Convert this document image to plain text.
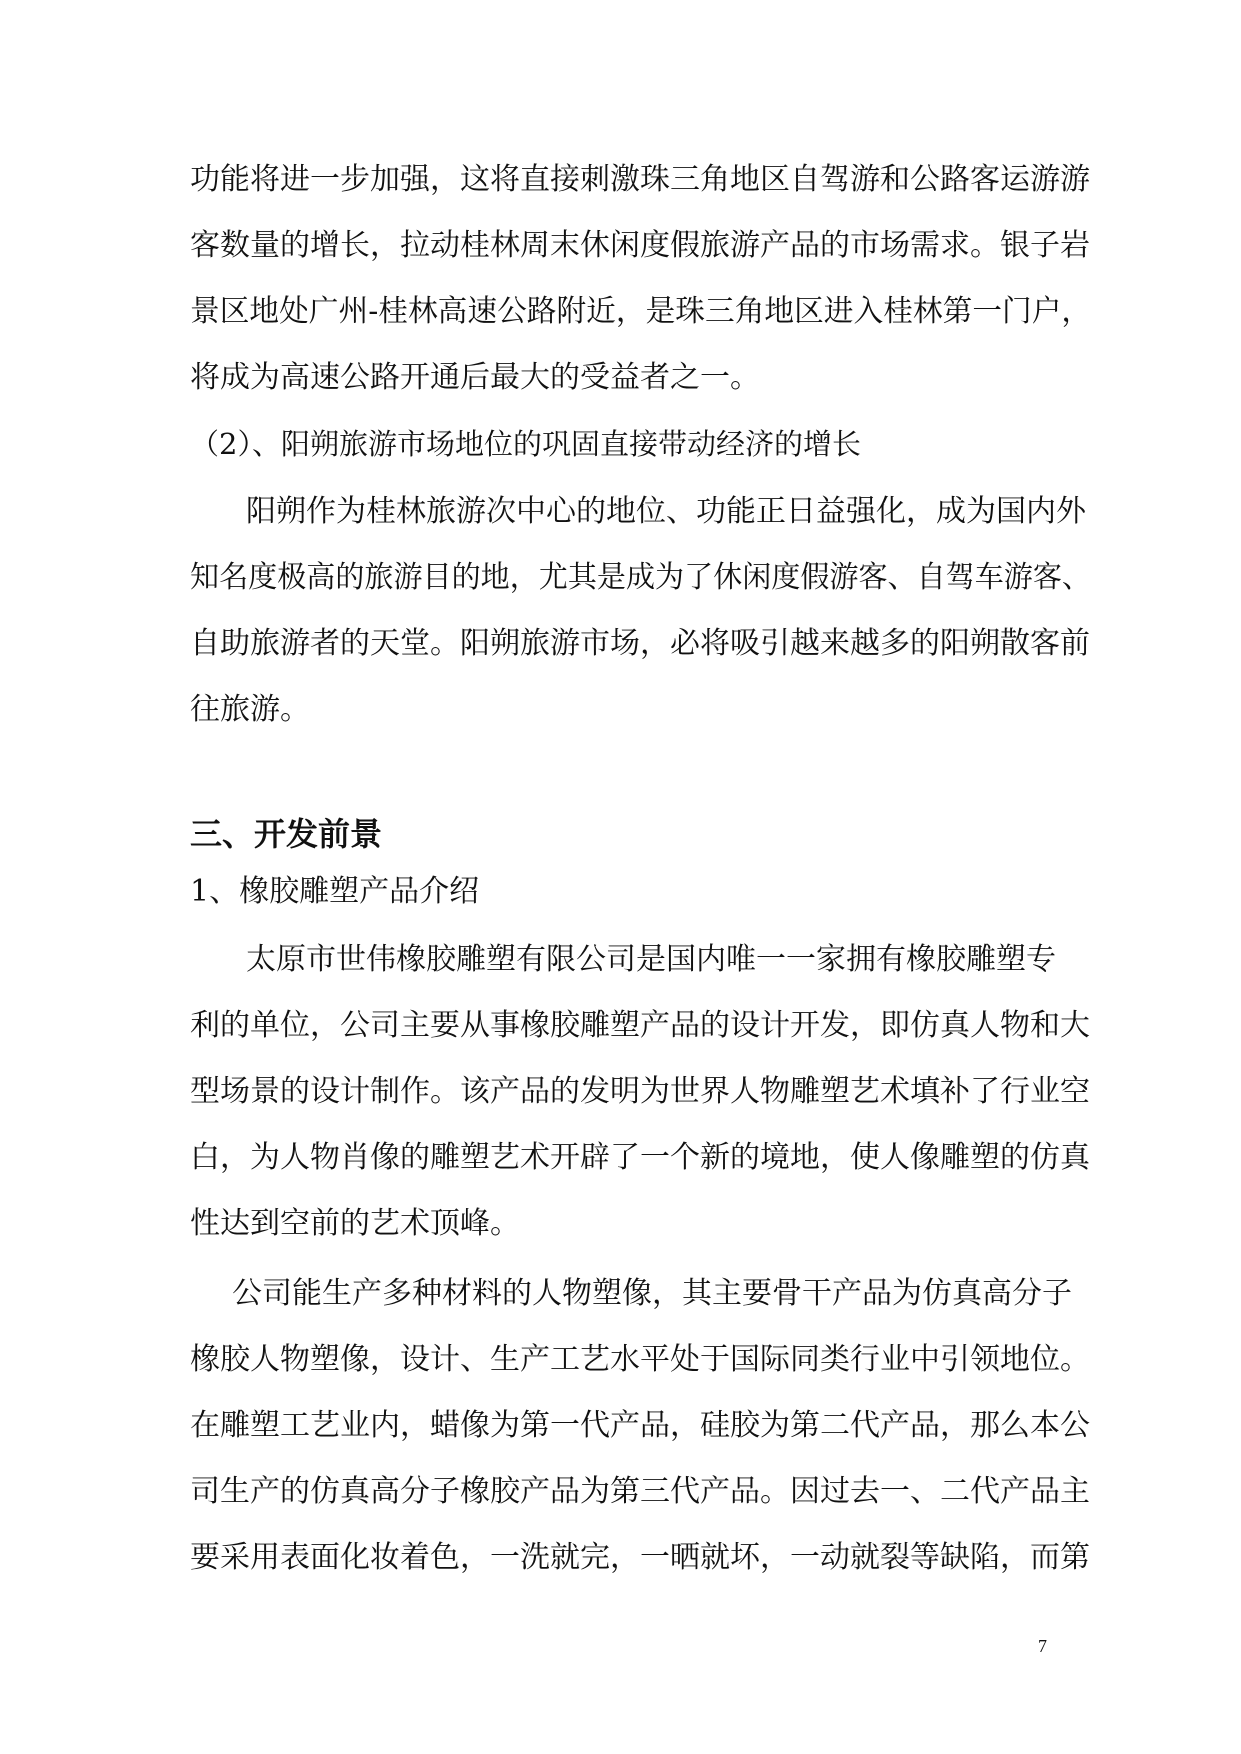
功能将进一步加强，这将直接刺激珠三角地区自驾游和公路客运游游
客数量的增长，拉动桂林周末休闲度假旅游产品的市场需求。银子岩
景区地处广州-桂林高速公路附近，是珠三角地区进入桂林第一门户，
将成为高速公路开通后最大的受益者之一。
（2）、阳朔旅游市场地位的巩固直接带动经济的增长
阳朔作为桂林旅游次中心的地位、功能正日益强化，成为国内外
知名度极高的旅游目的地，尤其是成为了休闲度假游客、自驾车游客、
自助旅游者的天堂。阳朔旅游市场，必将吸引越来越多的阳朔散客前
往旅游。
三、开发前景
1、橡胶雕塑产品介绍
太原市世伟橡胶雕塑有限公司是国内唯一一家拥有橡胶雕塑专
利的单位，公司主要从事橡胶雕塑产品的设计开发，即仿真人物和大
型场景的设计制作。该产品的发明为世界人物雕塑艺术填补了行业空
白，为人物肖像的雕塑艺术开辟了一个新的境地，使人像雕塑的仿真
性达到空前的艺术顶峰。
公司能生产多种材料的人物塑像，其主要骨干产品为仿真高分子
橡胶人物塑像，设计、生产工艺水平处于国际同类行业中引领地位。
在雕塑工艺业内，蜡像为第一代产品，硅胶为第二代产品，那么本公
司生产的仿真高分子橡胶产品为第三代产品。因过去一、二代产品主
要采用表面化妆着色，一洗就完，一晒就坏，一动就裂等缺陷，而第
7
